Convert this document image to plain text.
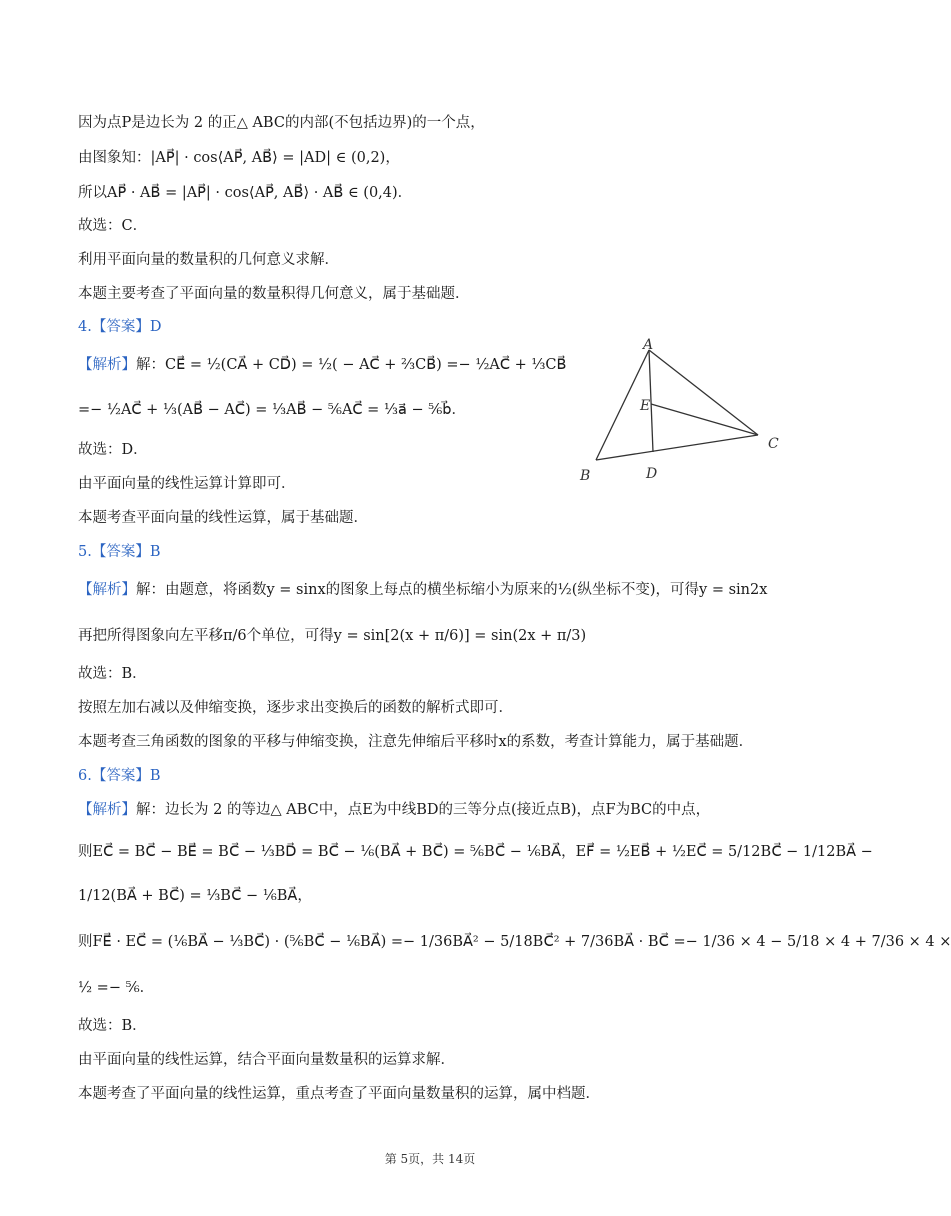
因为点P是边长为 2 的正△ ABC的内部(不包括边界)的一个点，
由图象知：|AP⃗| · cos⟨AP⃗, AB⃗⟩ = |AD| ∈ (0,2)，
所以AP⃗ · AB⃗ = |AP⃗| · cos⟨AP⃗, AB⃗⟩ · AB⃗ ∈ (0,4)．
故选：C．
利用平面向量的数量积的几何意义求解．
本题主要考查了平面向量的数量积得几何意义，属于基础题．
4.【答案】D
【解析】解：CE⃗ = ½(CA⃗ + CD⃗) = ½( − AC⃗ + ⅔CB⃗) =− ½AC⃗ + ⅓CB⃗
=− ½AC⃗ + ⅓(AB⃗ − AC⃗) = ⅓AB⃗ − ⅚AC⃗ = ⅓a⃗ − ⅚b⃗．
故选：D．
由平面向量的线性运算计算即可．
本题考查平面向量的线性运算，属于基础题．
A
E
C
B	D
5.【答案】B
【解析】解：由题意，将函数y = sinx的图象上每点的横坐标缩小为原来的½(纵坐标不变)，可得y = sin2x
再把所得图象向左平移π/6个单位，可得y = sin[2(x + π/6)] = sin(2x + π/3)
故选：B．
按照左加右减以及伸缩变换，逐步求出变换后的函数的解析式即可．
本题考查三角函数的图象的平移与伸缩变换，注意先伸缩后平移时x的系数，考查计算能力，属于基础题．
6.【答案】B
【解析】解：边长为 2 的等边△ ABC中，点E为中线BD的三等分点(接近点B)，点F为BC的中点，
则EC⃗ = BC⃗ − BE⃗ = BC⃗ − ⅓BD⃗ = BC⃗ − ⅙(BA⃗ + BC⃗) = ⅚BC⃗ − ⅙BA⃗，EF⃗ = ½EB⃗ + ½EC⃗ = 5/12BC⃗ − 1/12BA⃗ −
1/12(BA⃗ + BC⃗) = ⅓BC⃗ − ⅙BA⃗，
则FE⃗ · EC⃗ = (⅙BA⃗ − ⅓BC⃗) · (⅚BC⃗ − ⅙BA⃗) =− 1/36BA⃗² − 5/18BC⃗² + 7/36BA⃗ · BC⃗ =− 1/36 × 4 − 5/18 × 4 + 7/36 × 4 ×
½ =− ⅚．
故选：B．
由平面向量的线性运算，结合平面向量数量积的运算求解．
本题考查了平面向量的线性运算，重点考查了平面向量数量积的运算，属中档题．
第 5页，共 14页
